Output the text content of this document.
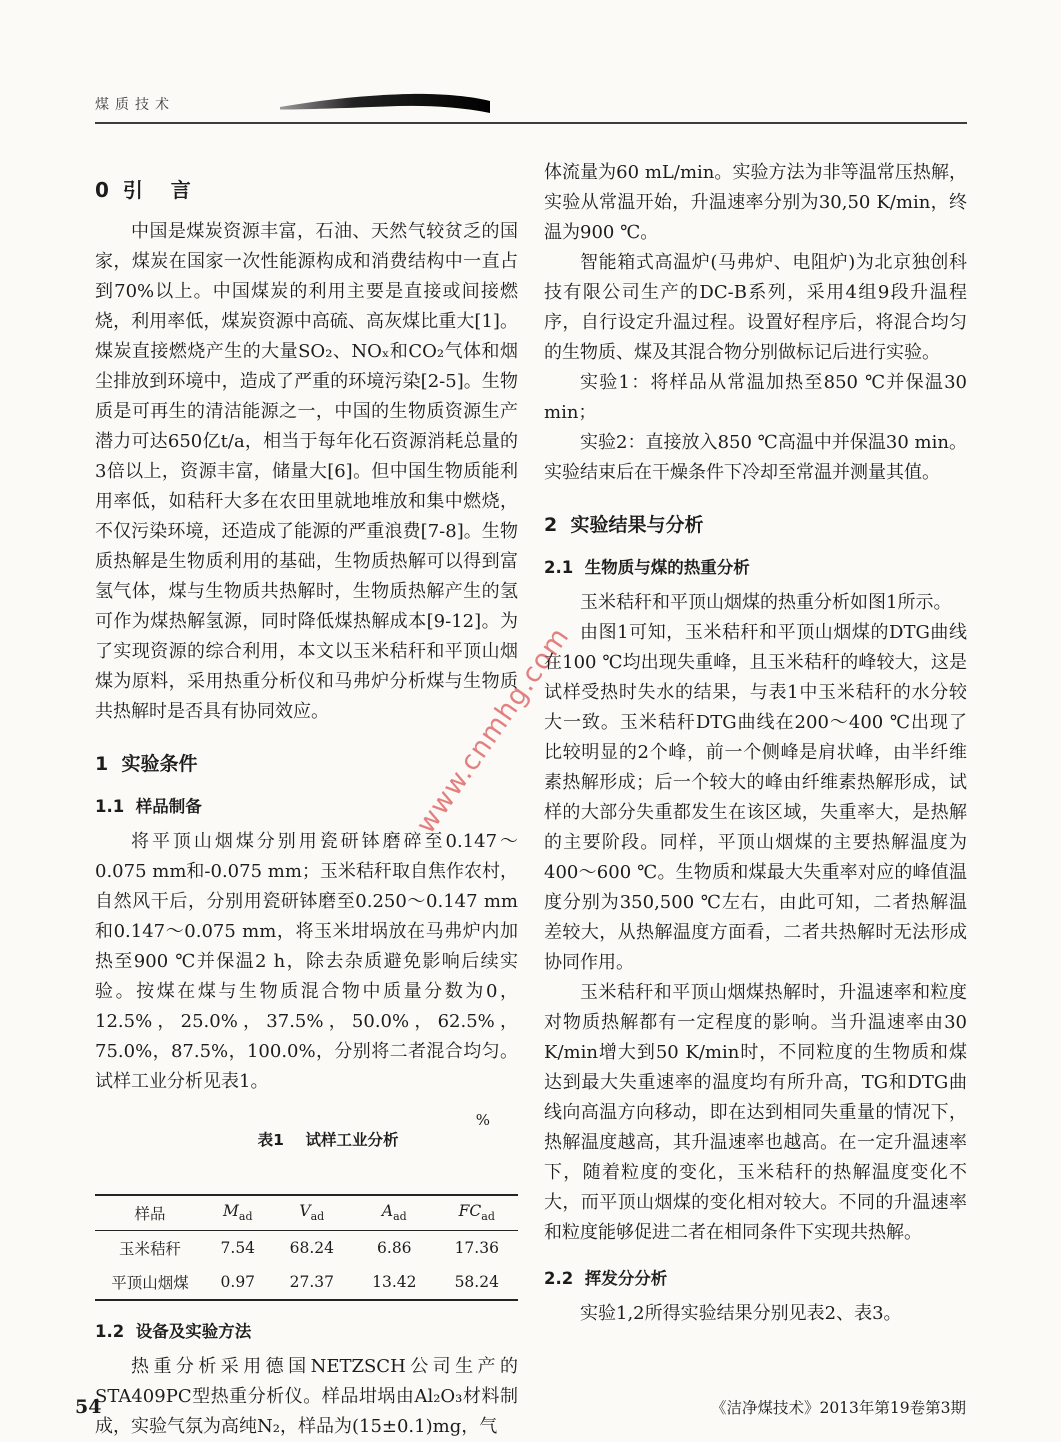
煤质技术
www.cnmhg.com
0  引    言

中国是煤炭资源丰富，石油、天然气较贫乏的国家，煤炭在国家一次性能源构成和消费结构中一直占到70%以上。中国煤炭的利用主要是直接或间接燃烧，利用率低，煤炭资源中高硫、高灰煤比重大[1]。煤炭直接燃烧产生的大量SO₂、NOₓ和CO₂气体和烟尘排放到环境中，造成了严重的环境污染[2-5]。生物质是可再生的清洁能源之一，中国的生物质资源生产潜力可达650亿t/a，相当于每年化石资源消耗总量的3倍以上，资源丰富，储量大[6]。但中国生物质能利用率低，如秸秆大多在农田里就地堆放和集中燃烧，不仅污染环境，还造成了能源的严重浪费[7-8]。生物质热解是生物质利用的基础，生物质热解可以得到富氢气体，煤与生物质共热解时，生物质热解产生的氢可作为煤热解氢源，同时降低煤热解成本[9-12]。为了实现资源的综合利用，本文以玉米秸秆和平顶山烟煤为原料，采用热重分析仪和马弗炉分析煤与生物质共热解时是否具有协同效应。

1  实验条件
1.1  样品制备

将平顶山烟煤分别用瓷研钵磨碎至0.147～0.075 mm和-0.075 mm；玉米秸秆取自焦作农村，自然风干后，分别用瓷研钵磨至0.250～0.147 mm和0.147～0.075 mm，将玉米坩埚放在马弗炉内加热至900 ℃并保温2 h，除去杂质避免影响后续实验。按煤在煤与生物质混合物中质量分数为0，12.5%，25.0%，37.5%，50.0%，62.5%，75.0%，87.5%，100.0%，分别将二者混合均匀。试样工业分析见表1。

表1    试样工业分析

%

样品	$M_{ad}$	$V_{ad}$	$A_{ad}$	$FC_{ad}$
玉米秸秆	7.54	68.24	6.86	17.36
平顶山烟煤	0.97	27.37	13.42	58.24
1.2  设备及实验方法

热重分析采用德国NETZSCH公司生产的STA409PC型热重分析仪。样品坩埚由Al₂O₃材料制成，实验气氛为高纯N₂，样品为(15±0.1)mg，气

体流量为60 mL/min。实验方法为非等温常压热解，实验从常温开始，升温速率分别为30,50 K/min，终温为900 ℃。

智能箱式高温炉(马弗炉、电阻炉)为北京独创科技有限公司生产的DC-B系列，采用4组9段升温程序，自行设定升温过程。设置好程序后，将混合均匀的生物质、煤及其混合物分别做标记后进行实验。

实验1：将样品从常温加热至850 ℃并保温30 min；

实验2：直接放入850 ℃高温中并保温30 min。实验结束后在干燥条件下冷却至常温并测量其值。

2  实验结果与分析
2.1  生物质与煤的热重分析

玉米秸秆和平顶山烟煤的热重分析如图1所示。

由图1可知，玉米秸秆和平顶山烟煤的DTG曲线在100 ℃均出现失重峰，且玉米秸秆的峰较大，这是试样受热时失水的结果，与表1中玉米秸秆的水分较大一致。玉米秸秆DTG曲线在200～400 ℃出现了比较明显的2个峰，前一个侧峰是肩状峰，由半纤维素热解形成；后一个较大的峰由纤维素热解形成，试样的大部分失重都发生在该区域，失重率大，是热解的主要阶段。同样，平顶山烟煤的主要热解温度为400～600 ℃。生物质和煤最大失重率对应的峰值温度分别为350,500 ℃左右，由此可知，二者热解温差较大，从热解温度方面看，二者共热解时无法形成协同作用。

玉米秸秆和平顶山烟煤热解时，升温速率和粒度对物质热解都有一定程度的影响。当升温速率由30 K/min增大到50 K/min时，不同粒度的生物质和煤达到最大失重速率的温度均有所升高，TG和DTG曲线向高温方向移动，即在达到相同失重量的情况下，热解温度越高，其升温速率也越高。在一定升温速率下，随着粒度的变化，玉米秸秆的热解温度变化不大，而平顶山烟煤的变化相对较大。不同的升温速率和粒度能够促进二者在相同条件下实现共热解。

2.2  挥发分分析

实验1,2所得实验结果分别见表2、表3。

54	《洁净煤技术》2013年第19卷第3期
